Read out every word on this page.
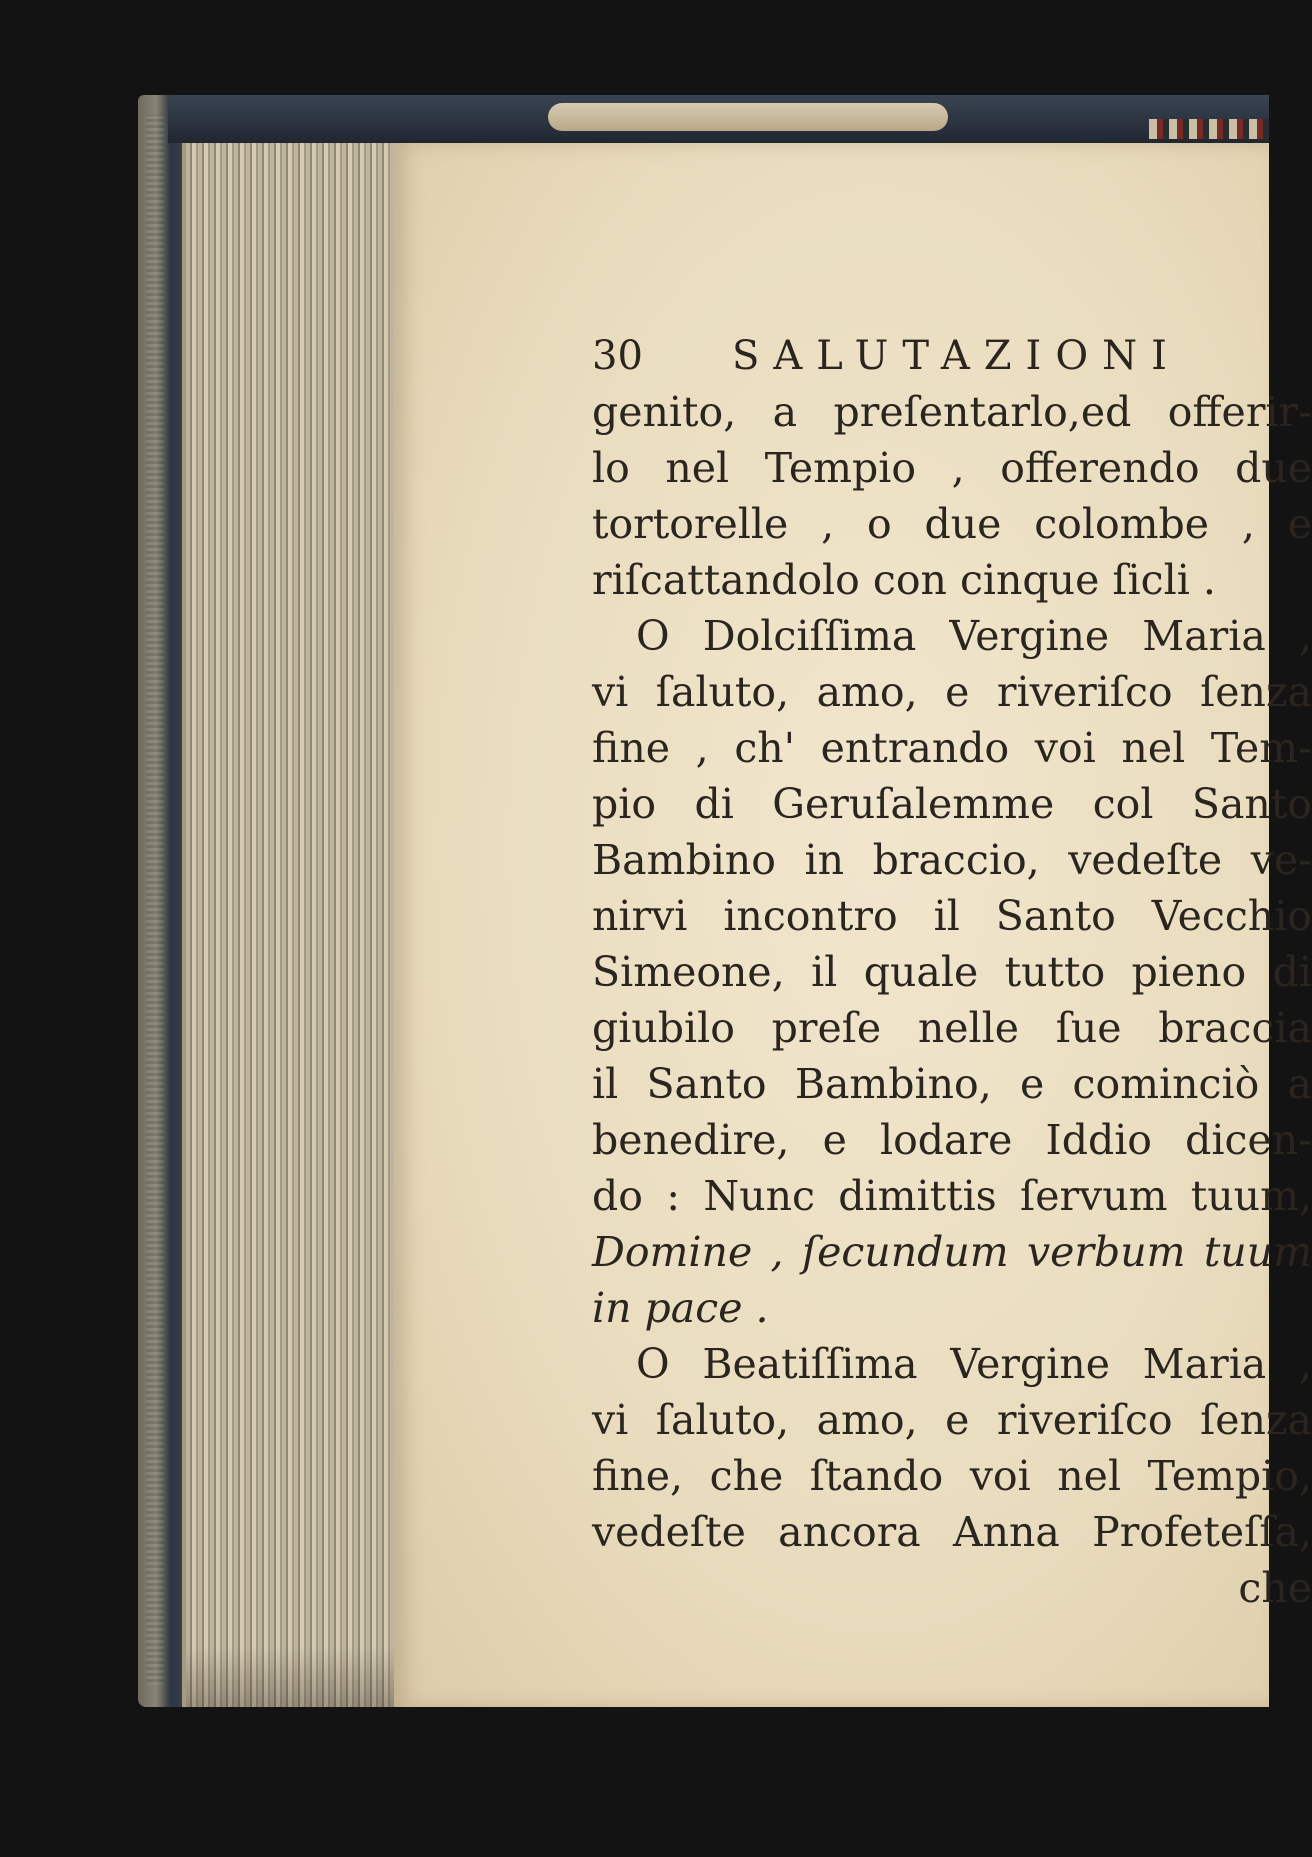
30 SALUTAZIONI
genito, a preſentarlo,ed offerir-
lo nel Tempio , offerendo due
tortorelle , o due colombe , e
riſcattandolo con cinque ſicli .
O Dolciſſima Vergine Maria ,
vi ſaluto, amo, e riveriſco ſenza
fine , ch' entrando voi nel Tem-
pio di Geruſalemme col Santo
Bambino in braccio, vedeſte ve-
nirvi incontro il Santo Vecchio
Simeone, il quale tutto pieno di
giubilo preſe nelle ſue braccia
il Santo Bambino, e cominciò a
benedire, e lodare Iddio dicen-
do : Nunc dimittis ſervum tuum,
Domine , ſecundum verbum tuum
in pace .
O Beatiſſima Vergine Maria ,
vi ſaluto, amo, e riveriſco ſenza
fine, che ſtando voi nel Tempio,
vedeſte ancora Anna Profeteſſa,
che
